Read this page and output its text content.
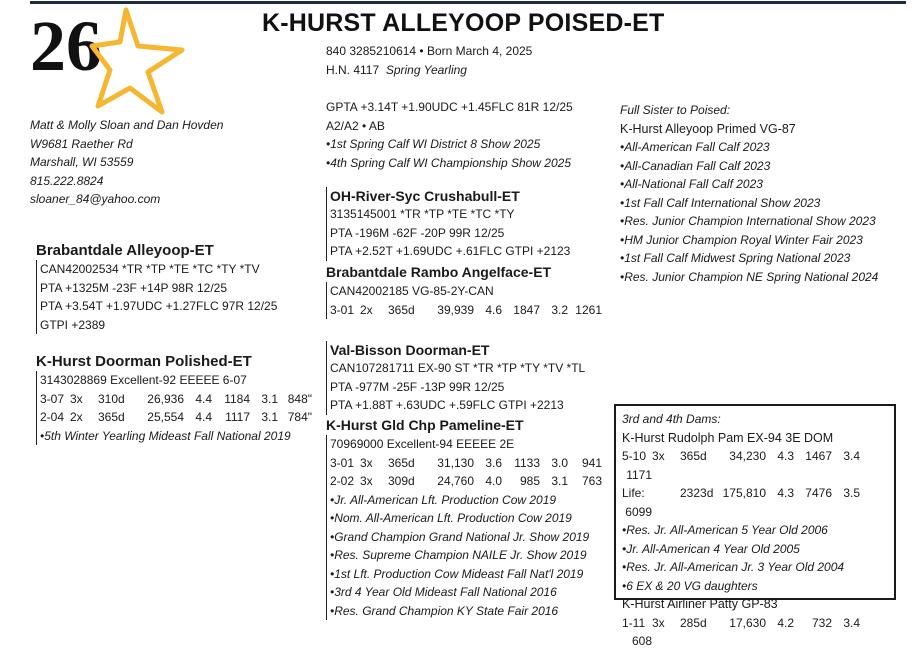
26	K-HURST ALLEYOOP POISED-ET
Matt & Molly Sloan and Dan Hovden
W9681 Raether Rd
Marshall, WI 53559
815.222.8824
sloaner_84@yahoo.com
840 3285210614 • Born March 4, 2025
H.N. 4117 Spring Yearling
GPTA +3.14T +1.90UDC +1.45FLC 81R 12/25
A2/A2 • AB
•1st Spring Calf WI District 8 Show 2025
•4th Spring Calf WI Championship Show 2025
Brabantdale Alleyoop-ET
CAN42002534 *TR *TP *TE *TC *TY *TV
PTA +1325M -23F +14P 98R 12/25
PTA +3.54T +1.97UDC +1.27FLC 97R 12/25
GTPI +2389
K-Hurst Doorman Polished-ET
3143028869 Excellent-92 EEEEE 6-07
3-07 3x 310d 26,936 4.4 1184 3.1 848"
2-04 2x 365d 25,554 4.4 1117 3.1 784"
•5th Winter Yearling Mideast Fall National 2019
OH-River-Syc Crushabull-ET
3135145001 *TR *TP *TE *TC *TY
PTA -196M -62F -20P 99R 12/25
PTA +2.52T +1.69UDC +.61FLC GTPI +2123
Brabantdale Rambo Angelface-ET
CAN42002185 VG-85-2Y-CAN
3-01 2x 365d 39,939 4.6 1847 3.2 1261
Val-Bisson Doorman-ET
CAN107281711 EX-90 ST *TR *TP *TY *TV *TL
PTA -977M -25F -13P 99R 12/25
PTA +1.88T +.63UDC +.59FLC GTPI +2213
K-Hurst Gld Chp Pameline-ET
70969000 Excellent-94 EEEEE 2E
3-01 3x 365d 31,130 3.6 1133 3.0 941
2-02 3x 309d 24,760 4.0 985 3.1 763
•Jr. All-American Lft. Production Cow 2019
•Nom. All-American Lft. Production Cow 2019
•Grand Champion Grand National Jr. Show 2019
•Res. Supreme Champion NAILE Jr. Show 2019
•1st Lft. Production Cow Mideast Fall Nat'l 2019
•3rd 4 Year Old Mideast Fall National 2016
•Res. Grand Champion KY State Fair 2016
Full Sister to Poised:
K-Hurst Alleyoop Primed VG-87
•All-American Fall Calf 2023
•All-Canadian Fall Calf 2023
•All-National Fall Calf 2023
•1st Fall Calf International Show 2023
•Res. Junior Champion International Show 2023
•HM Junior Champion Royal Winter Fair 2023
•1st Fall Calf Midwest Spring National 2023
•Res. Junior Champion NE Spring National 2024
3rd and 4th Dams:
K-Hurst Rudolph Pam EX-94 3E DOM
5-10 3x 365d 34,230 4.3 1467 3.41171
Life:	2323d 175,810 4.3 7476 3.56099
•Res. Jr. All-American 5 Year Old 2006
•Jr. All-American 4 Year Old 2005
•Res. Jr. All-American Jr. 3 Year Old 2004
•6 EX & 20 VG daughters
K-Hurst Airliner Patty GP-83
1-11 3x 285d 17,630 4.2 732 3.4608
